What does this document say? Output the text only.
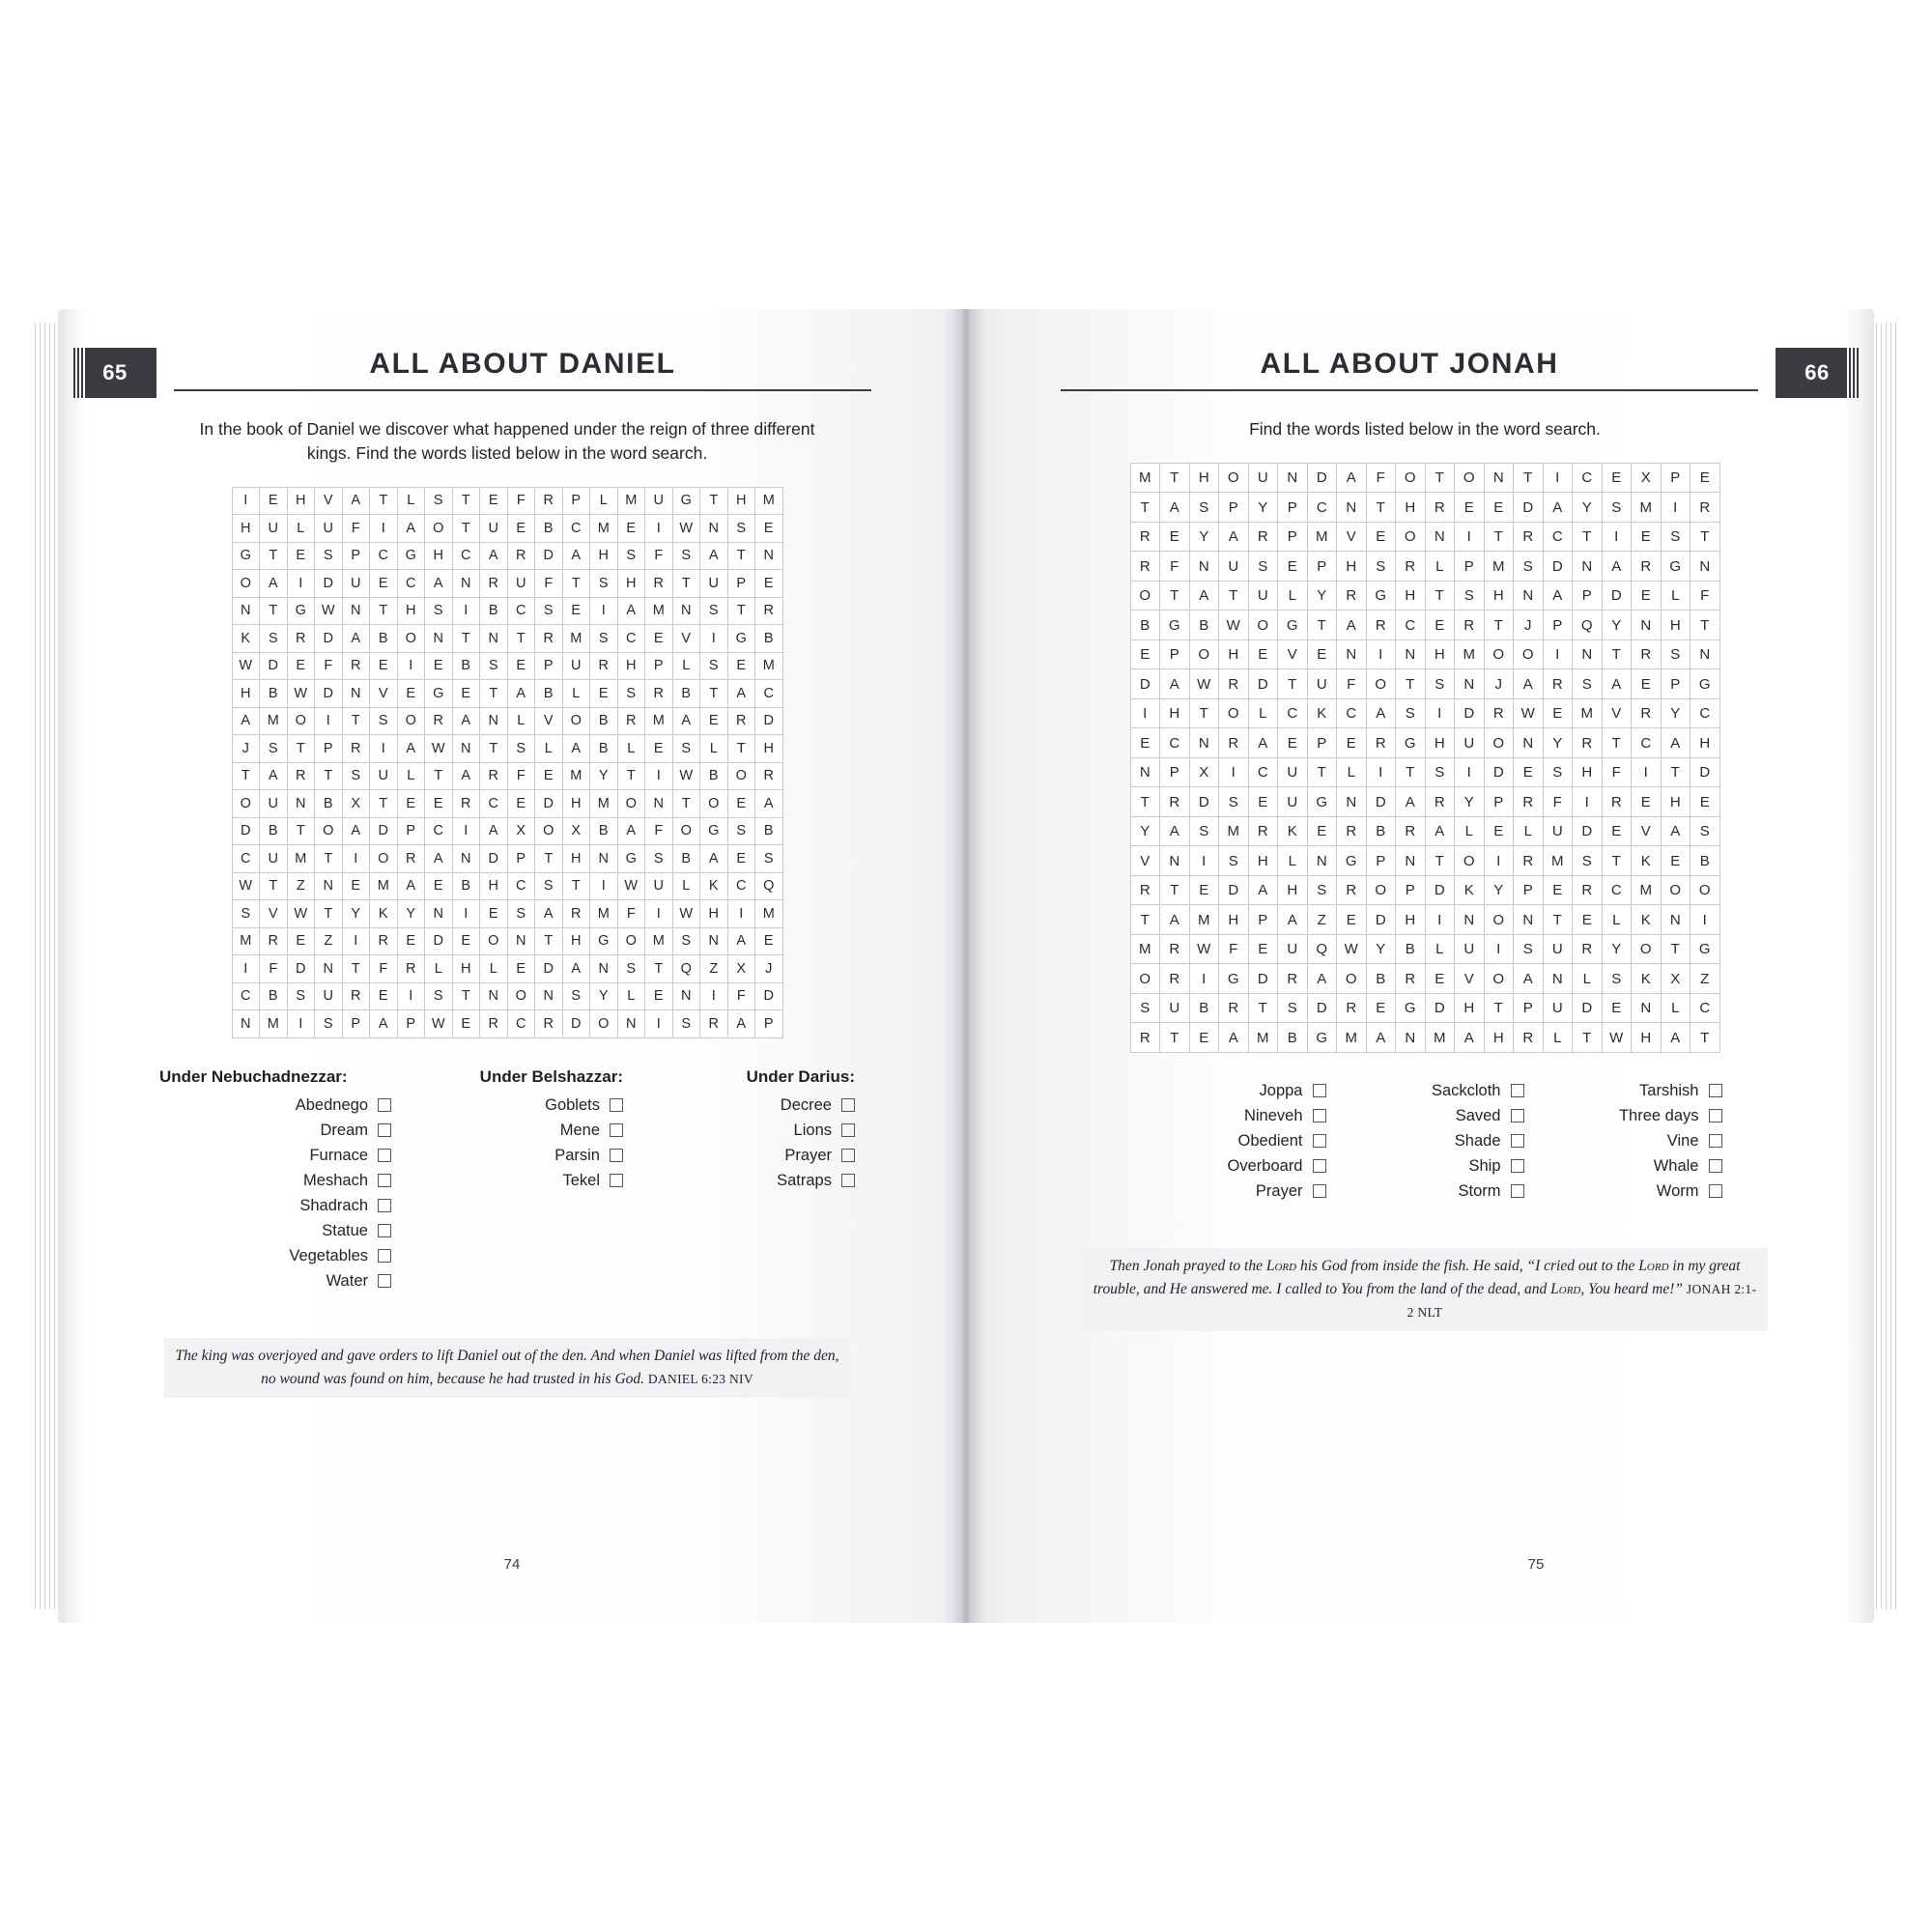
65	ALL ABOUT DANIEL
In the book of Daniel we discover what happened under the reign of three different kings. Find the words listed below in the word search.
I	E	H	V	A	T	L	S	T	E	F	R	P	L	M	U	G	T	H	M
H	U	L	U	F	I	A	O	T	U	E	B	C	M	E	I	W	N	S	E
G	T	E	S	P	C	G	H	C	A	R	D	A	H	S	F	S	A	T	N
O	A	I	D	U	E	C	A	N	R	U	F	T	S	H	R	T	U	P	E
N	T	G	W	N	T	H	S	I	B	C	S	E	I	A	M	N	S	T	R
K	S	R	D	A	B	O	N	T	N	T	R	M	S	C	E	V	I	G	B
W	D	E	F	R	E	I	E	B	S	E	P	U	R	H	P	L	S	E	M
H	B	W	D	N	V	E	G	E	T	A	B	L	E	S	R	B	T	A	C
A	M	O	I	T	S	O	R	A	N	L	V	O	B	R	M	A	E	R	D
J	S	T	P	R	I	A	W	N	T	S	L	A	B	L	E	S	L	T	H
T	A	R	T	S	U	L	T	A	R	F	E	M	Y	T	I	W	B	O	R
O	U	N	B	X	T	E	E	R	C	E	D	H	M	O	N	T	O	E	A
D	B	T	O	A	D	P	C	I	A	X	O	X	B	A	F	O	G	S	B
C	U	M	T	I	O	R	A	N	D	P	T	H	N	G	S	B	A	E	S
W	T	Z	N	E	M	A	E	B	H	C	S	T	I	W	U	L	K	C	Q
S	V	W	T	Y	K	Y	N	I	E	S	A	R	M	F	I	W	H	I	M
M	R	E	Z	I	R	E	D	E	O	N	T	H	G	O	M	S	N	A	E
I	F	D	N	T	F	R	L	H	L	E	D	A	N	S	T	Q	Z	X	J
C	B	S	U	R	E	I	S	T	N	O	N	S	Y	L	E	N	I	F	D
N	M	I	S	P	A	P	W	E	R	C	R	D	O	N	I	S	R	A	P
Under Nebuchadnezzar:
Abednego
Dream
Furnace
Meshach
Shadrach
Statue
Vegetables
Water
Under Belshazzar:
Goblets
Mene
Parsin
Tekel
Under Darius:
Decree
Lions
Prayer
Satraps
The king was overjoyed and gave orders to lift Daniel out of the den. And when Daniel was lifted from the den, no wound was found on him, because he had trusted in his God. DANIEL 6:23 NIV
74
66
ALL ABOUT JONAH
Find the words listed below in the word search.
M	T	H	O	U	N	D	A	F	O	T	O	N	T	I	C	E	X	P	E
T	A	S	P	Y	P	C	N	T	H	R	E	E	D	A	Y	S	M	I	R
R	E	Y	A	R	P	M	V	E	O	N	I	T	R	C	T	I	E	S	T
R	F	N	U	S	E	P	H	S	R	L	P	M	S	D	N	A	R	G	N
O	T	A	T	U	L	Y	R	G	H	T	S	H	N	A	P	D	E	L	F
B	G	B	W	O	G	T	A	R	C	E	R	T	J	P	Q	Y	N	H	T
E	P	O	H	E	V	E	N	I	N	H	M	O	O	I	N	T	R	S	N
D	A	W	R	D	T	U	F	O	T	S	N	J	A	R	S	A	E	P	G
I	H	T	O	L	C	K	C	A	S	I	D	R	W	E	M	V	R	Y	C
E	C	N	R	A	E	P	E	R	G	H	U	O	N	Y	R	T	C	A	H
N	P	X	I	C	U	T	L	I	T	S	I	D	E	S	H	F	I	T	D
T	R	D	S	E	U	G	N	D	A	R	Y	P	R	F	I	R	E	H	E
Y	A	S	M	R	K	E	R	B	R	A	L	E	L	U	D	E	V	A	S
V	N	I	S	H	L	N	G	P	N	T	O	I	R	M	S	T	K	E	B
R	T	E	D	A	H	S	R	O	P	D	K	Y	P	E	R	C	M	O	O
T	A	M	H	P	A	Z	E	D	H	I	N	O	N	T	E	L	K	N	I
M	R	W	F	E	U	Q	W	Y	B	L	U	I	S	U	R	Y	O	T	G
O	R	I	G	D	R	A	O	B	R	E	V	O	A	N	L	S	K	X	Z
S	U	B	R	T	S	D	R	E	G	D	H	T	P	U	D	E	N	L	C
R	T	E	A	M	B	G	M	A	N	M	A	H	R	L	T	W	H	A	T
Joppa
Nineveh
Obedient
Overboard
Prayer
Sackcloth
Saved
Shade
Ship
Storm
Tarshish
Three days
Vine
Whale
Worm
Then Jonah prayed to the Lord his God from inside the fish. He said, “I cried out to the Lord in my great trouble, and He answered me. I called to You from the land of the dead, and Lord, You heard me!” JONAH 2:1-2 NLT
75
